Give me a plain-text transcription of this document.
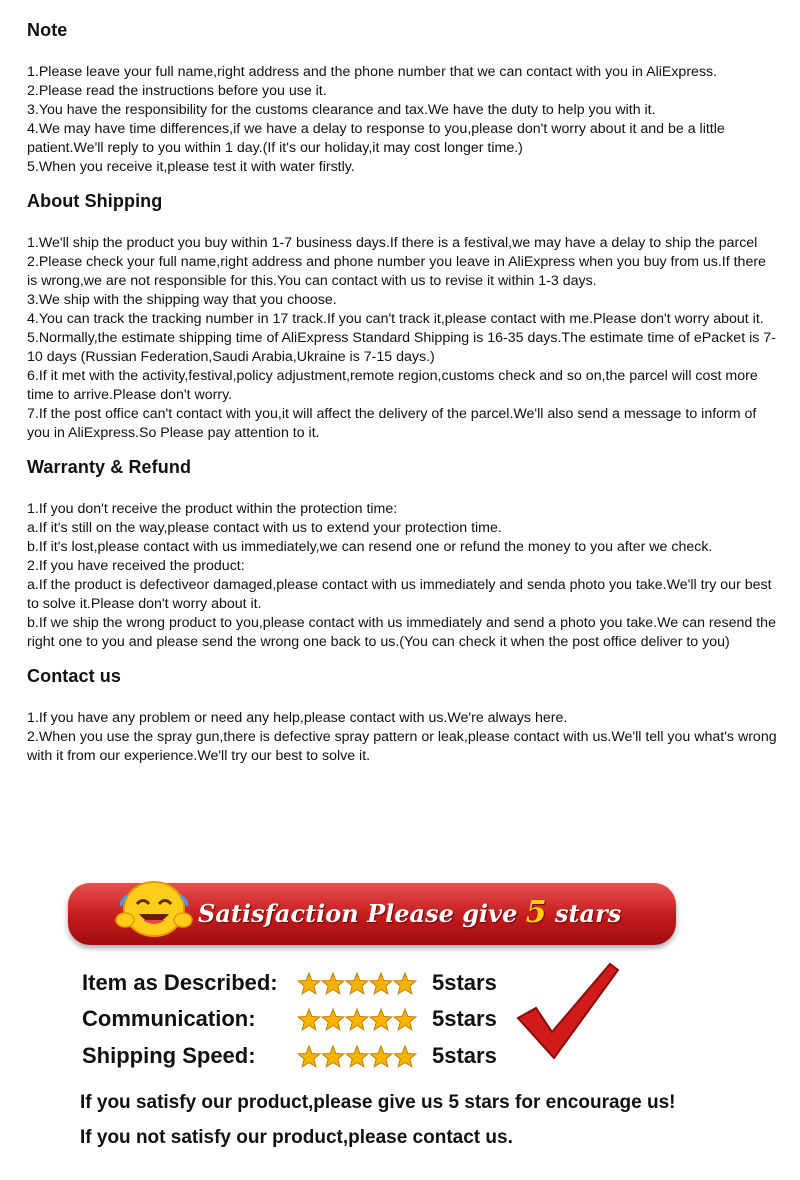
Note

1.Please leave your full name,right address and the phone number that we can contact with you in AliExpress.

2.Please read the instructions before you use it.

3.You have the responsibility for the customs clearance and tax.We have the duty to help you with it.

4.We may have time differences,if we have a delay to response to you,please don't worry about it and be a little patient.We'll reply to you within 1 day.(If it's our holiday,it may cost longer time.)

5.When you receive it,please test it with water firstly.

About Shipping

1.We'll ship the product you buy within 1-7 business days.If there is a festival,we may have a delay to ship the parcel

2.Please check your full name,right address and phone number you leave in AliExpress when you buy from us.If there is wrong,we are not responsible for this.You can contact with us to revise it within 1-3 days.

3.We ship with the shipping way that you choose.

4.You can track the tracking number in 17 track.If you can't track it,please contact with me.Please don't worry about it.

5.Normally,the estimate shipping time of AliExpress Standard Shipping is 16-35 days.The estimate time of ePacket is 7-10 days (Russian Federation,Saudi Arabia,Ukraine is 7-15 days.)

6.If it met with the activity,festival,policy adjustment,remote region,customs check and so on,the parcel will cost more time to arrive.Please don't worry.

7.If the post office can't contact with you,it will affect the delivery of the parcel.We'll also send a message to inform of you in AliExpress.So Please pay attention to it.

Warranty & Refund

1.If you don't receive the product within the protection time:

a.If it's still on the way,please contact with us to extend your protection time.

b.If it's lost,please contact with us immediately,we can resend one or refund the money to you after we check.

2.If you have received the product:

a.If the product is defectiveor damaged,please contact with us immediately and senda photo you take.We'll try our best to solve it.Please don't worry about it.

b.If we ship the wrong product to you,please contact with us immediately and send a photo you take.We can resend the right one to you and please send the wrong one back to us.(You can check it when the post office deliver to you)

Contact us

1.If you have any problem or need any help,please contact with us.We're always here.

2.When you use the spray gun,there is defective spray pattern or leak,please contact with us.We'll tell you what's wrong with it from our experience.We'll try our best to solve it.

Satisfaction Please give 5 stars
Item as Described:	5stars
Communication:	5stars
Shipping Speed:	5stars
If you satisfy our product,please give us 5 stars for encourage us!
If you not satisfy our product,please contact us.
